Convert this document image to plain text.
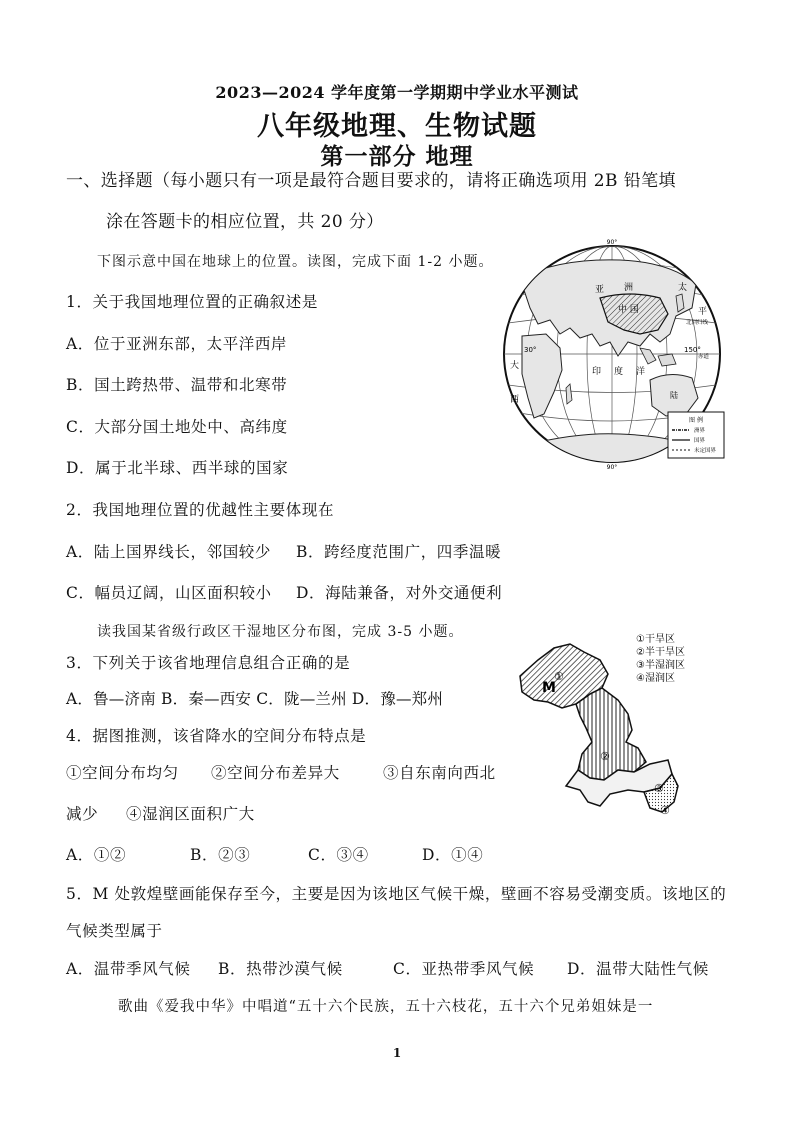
2023—2024 学年度第一学期期中学业水平测试
八年级地理、生物试题
第一部分 地理
一、选择题（每小题只有一项是最符合题目要求的，请将正确选项用 2B 铅笔填
涂在答题卡的相应位置，共 20 分）
下图示意中国在地球上的位置。读图，完成下面 1-2 小题。
1．关于我国地理位置的正确叙述是
A．位于亚洲东部，太平洋西岸
B．国土跨热带、温带和北寒带
C．大部分国土地处中、高纬度
D．属于北半球、西半球的国家
2．我国地理位置的优越性主要体现在
A．陆上国界线长，邻国较少 B．跨经度范围广，四季温暖
C．幅员辽阔，山区面积较小 D．海陆兼备，对外交通便利
读我国某省级行政区干湿地区分布图，完成 3-5 小题。
3．下列关于该省地理信息组合正确的是
A．鲁—济南 B．秦—西安 C．陇—兰州 D．豫—郑州
4．据图推测，该省降水的空间分布特点是
①空间分布均匀 ②空间分布差异大	③自东南向西北
减少 ④湿润区面积广大
A．①②	B．②③	C．③④	D．①④
5．M 处敦煌壁画能保存至今，主要是因为该地区气候干燥，壁画不容易受潮变质。该地区的
气候类型属于
A．温带季风气候 B．热带沙漠气候	C．亚热带季风气候 D．温带大陆性气候
歌曲《爱我中华》中唱道“五十六个民族，五十六枝花，五十六个兄弟姐妹是一
1
90°
90°
30°	150°
中 国
亚 洲	太
平
印 度 洋
大
西	陆
北回归线
赤道
图 例
洲界
国界
未定国界
M
①
②
③
④
①干旱区
②半干旱区
③半湿润区
④湿润区
